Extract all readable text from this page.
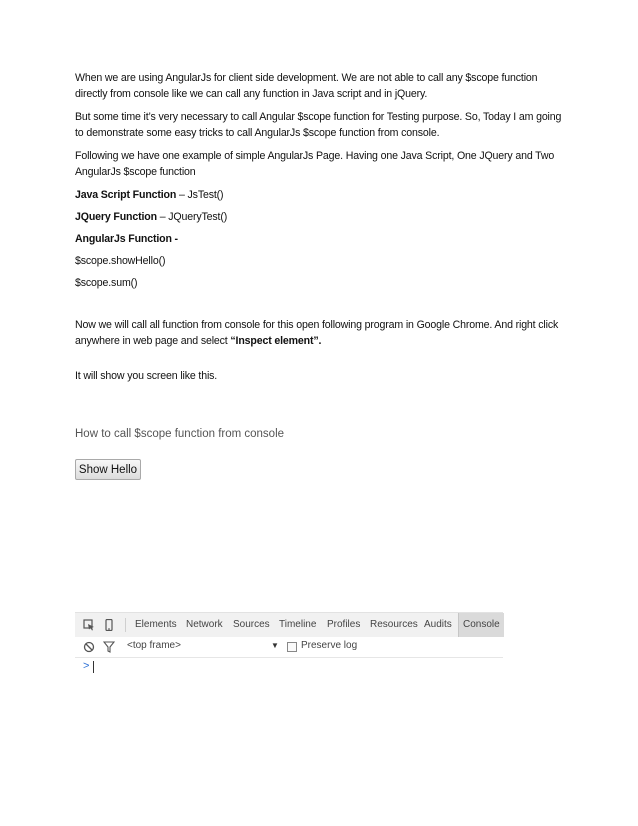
When we are using AngularJs for client side development. We are not able to call any $scope function directly from console like we can call any function in Java script and in jQuery.

But some time it’s very necessary to call Angular $scope function for Testing purpose. So, Today I am going to demonstrate some easy tricks to call AngularJs $scope function from console.

Following we have one example of simple AngularJs Page. Having one Java Script, One JQuery and Two AngularJs $scope function

Java Script Function – JsTest()

JQuery Function – JQueryTest()

AngularJs Function -

$scope.showHello()

$scope.sum()

Now we will call all function from console for this open following program in Google Chrome. And right click anywhere in web page and select “Inspect element”.

It will show you screen like this.

How to call $scope function from console
Show Hello
Elements Network Sources Timeline Profiles Resources Audits	Console
<top frame>	▼ Preserve log
>
